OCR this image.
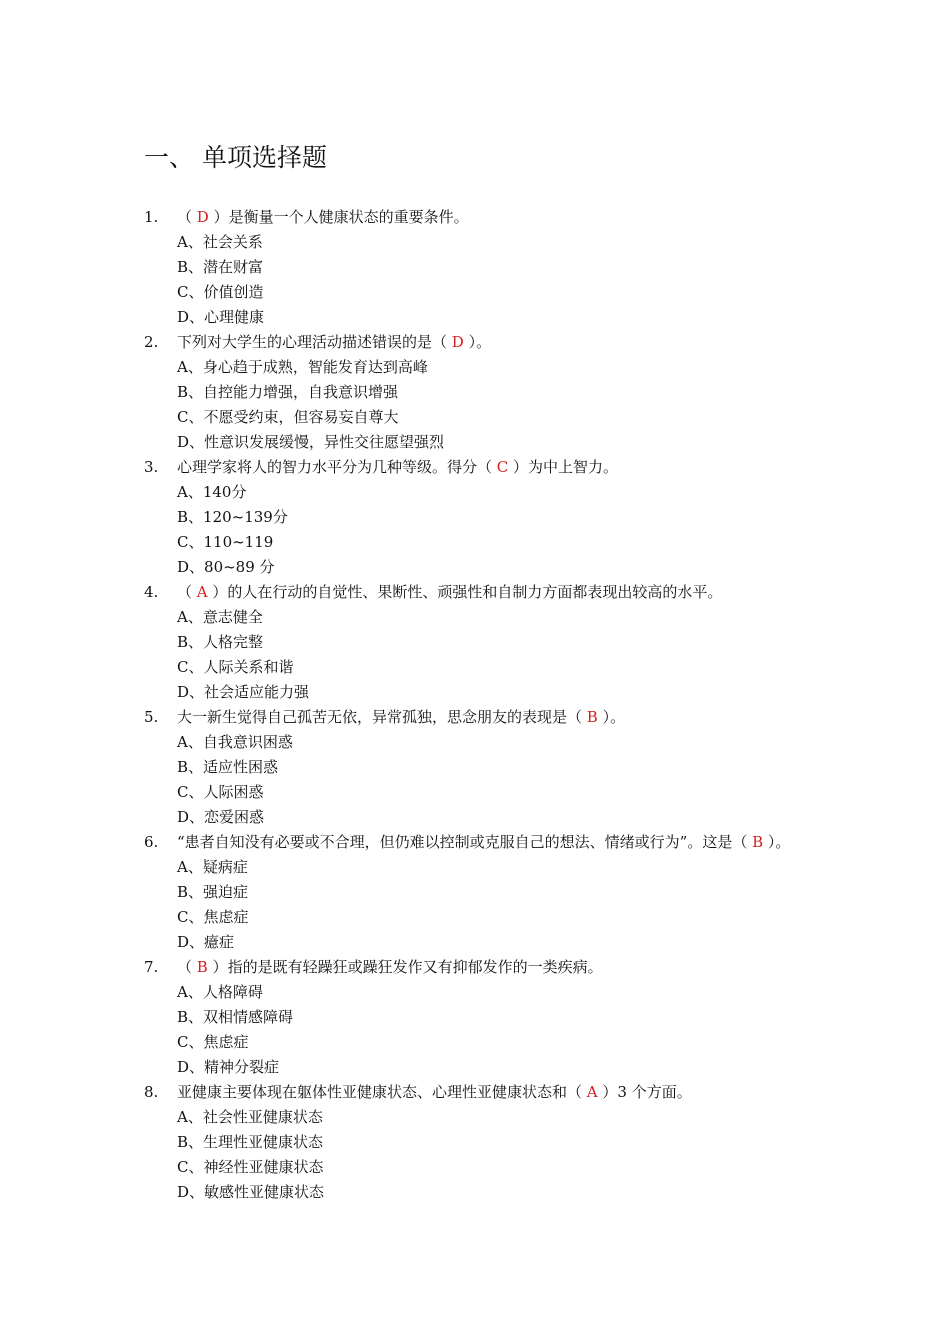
一、 单项选择题
1. （ D ）是衡量一个人健康状态的重要条件。
A、社会关系
B、潜在财富
C、价值创造
D、心理健康
2. 下列对大学生的心理活动描述错误的是（ D ）。
A、身心趋于成熟，智能发育达到高峰
B、自控能力增强，自我意识增强
C、不愿受约束，但容易妄自尊大
D、性意识发展缓慢，异性交往愿望强烈
3. 心理学家将人的智力水平分为几种等级。得分（ C ）为中上智力。
A、140分
B、120~139分
C、110~119
D、80~89 分
4. （ A ）的人在行动的自觉性、果断性、顽强性和自制力方面都表现出较高的水平。
A、意志健全
B、人格完整
C、人际关系和谐
D、社会适应能力强
5. 大一新生觉得自己孤苦无依，异常孤独，思念朋友的表现是（ B ）。
A、自我意识困惑
B、适应性困惑
C、人际困惑
D、恋爱困惑
6. “患者自知没有必要或不合理，但仍难以控制或克服自己的想法、情绪或行为”。这是（ B ）。
A、疑病症
B、强迫症
C、焦虑症
D、癔症
7. （ B ）指的是既有轻躁狂或躁狂发作又有抑郁发作的一类疾病。
A、人格障碍
B、双相情感障碍
C、焦虑症
D、精神分裂症
8. 亚健康主要体现在躯体性亚健康状态、心理性亚健康状态和（ A ）3 个方面。
A、社会性亚健康状态
B、生理性亚健康状态
C、神经性亚健康状态
D、敏感性亚健康状态
